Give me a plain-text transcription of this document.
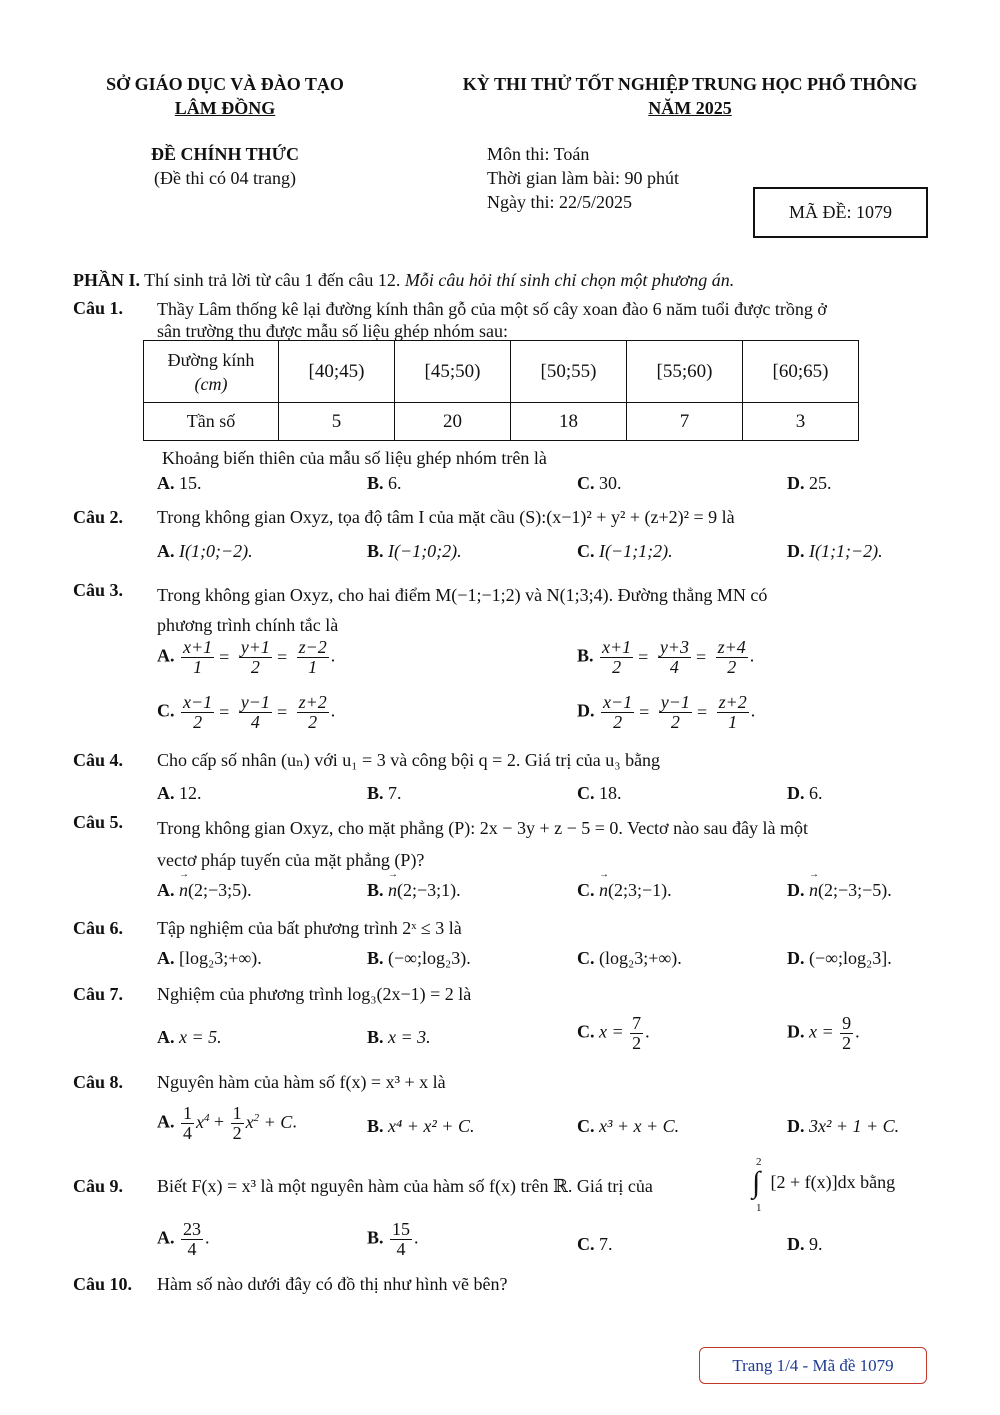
SỞ GIÁO DỤC VÀ ĐÀO TẠO
LÂM ĐỒNG
KỲ THI THỬ TỐT NGHIỆP TRUNG HỌC PHỔ THÔNG
NĂM 2025
ĐỀ CHÍNH THỨC
(Đề thi có 04 trang)
Môn thi: Toán
Thời gian làm bài: 90 phút
Ngày thi: 22/5/2025	MÃ ĐỀ: 1079
PHẦN I. Thí sinh trả lời từ câu 1 đến câu 12. Mỗi câu hỏi thí sinh chỉ chọn một phương án.
Câu 1. Thầy Lâm thống kê lại đường kính thân gỗ của một số cây xoan đào 6 năm tuổi được trồng ở
sân trường thu được mẫu số liệu ghép nhóm sau:
Đường kính
(cm)	[40;45)	[45;50)	[50;55)	[55;60)	[60;65)
Tần số	5	20	18	7	3
Khoảng biến thiên của mẫu số liệu ghép nhóm trên là
A. 15.	B. 6.	C. 30.	D. 25.
Câu 2. Trong không gian Oxyz, tọa độ tâm I của mặt cầu (S):(x−1)² + y² + (z+2)² = 9 là
A. I(1;0;−2).	B. I(−1;0;2).	C. I(−1;1;2).	D. I(1;1;−2).
Câu 3. Trong không gian Oxyz, cho hai điểm M(−1;−1;2) và N(1;3;4). Đường thẳng MN có
phương trình chính tắc là
A. $\frac{x+1}{1} = \frac{y+1}{2} = \frac{z-2}{1}$ .	B. $\frac{x+1}{2} = \frac{y+3}{4} = \frac{z+4}{2}$ .
C. $\frac{x-1}{2} = \frac{y-1}{4} = \frac{z+2}{2}$ .	D. $\frac{x-1}{2} = \frac{y-1}{2} = \frac{z+2}{1}$ .
Câu 4. Cho cấp số nhân (uₙ) với u₁ = 3 và công bội q = 2. Giá trị của u₃ bằng
A. 12.	B. 7.	C. 18.	D. 6.
Câu 5. Trong không gian Oxyz, cho mặt phẳng (P): 2x − 3y + z − 5 = 0. Vectơ nào sau đây là một
vectơ pháp tuyến của mặt phẳng (P)?
A. → n(2;−3;5).	B. → n(2;−3;1).	C. → n(2;3;−1).	D. → n(2;−3;−5).
Câu 6. Tập nghiệm của bất phương trình 2ˣ ≤ 3 là
A. [log₂3;+∞).	B. (−∞;log₂3).	C. (log₂3;+∞).	D. (−∞;log₂3].
Câu 7. Nghiệm của phương trình log₃(2x−1) = 2 là
A. x = 5.	B. x = 3.	C. $x = \frac{7}{2}$ .	D. $x = \frac{9}{2}$ .
Câu 8. Nguyên hàm của hàm số f(x) = x³ + x là
A. $\frac{1}{4} x^4 + \frac{1}{2} x^2 + C$.	B. x⁴ + x² + C.	C. x³ + x + C.	D. 3x² + 1 + C.
Câu 9. Biết F(x) = x³ là một nguyên hàm của hàm số f(x) trên ℝ. Giá trị của
2
∫
1
[2 + f(x)]dx bằng
A. $\frac{23}{4}$ .	B. $\frac{15}{4}$ .	C. 7.	D. 9.
Câu 10. Hàm số nào dưới đây có đồ thị như hình vẽ bên?
Trang 1/4 - Mã đề 1079
